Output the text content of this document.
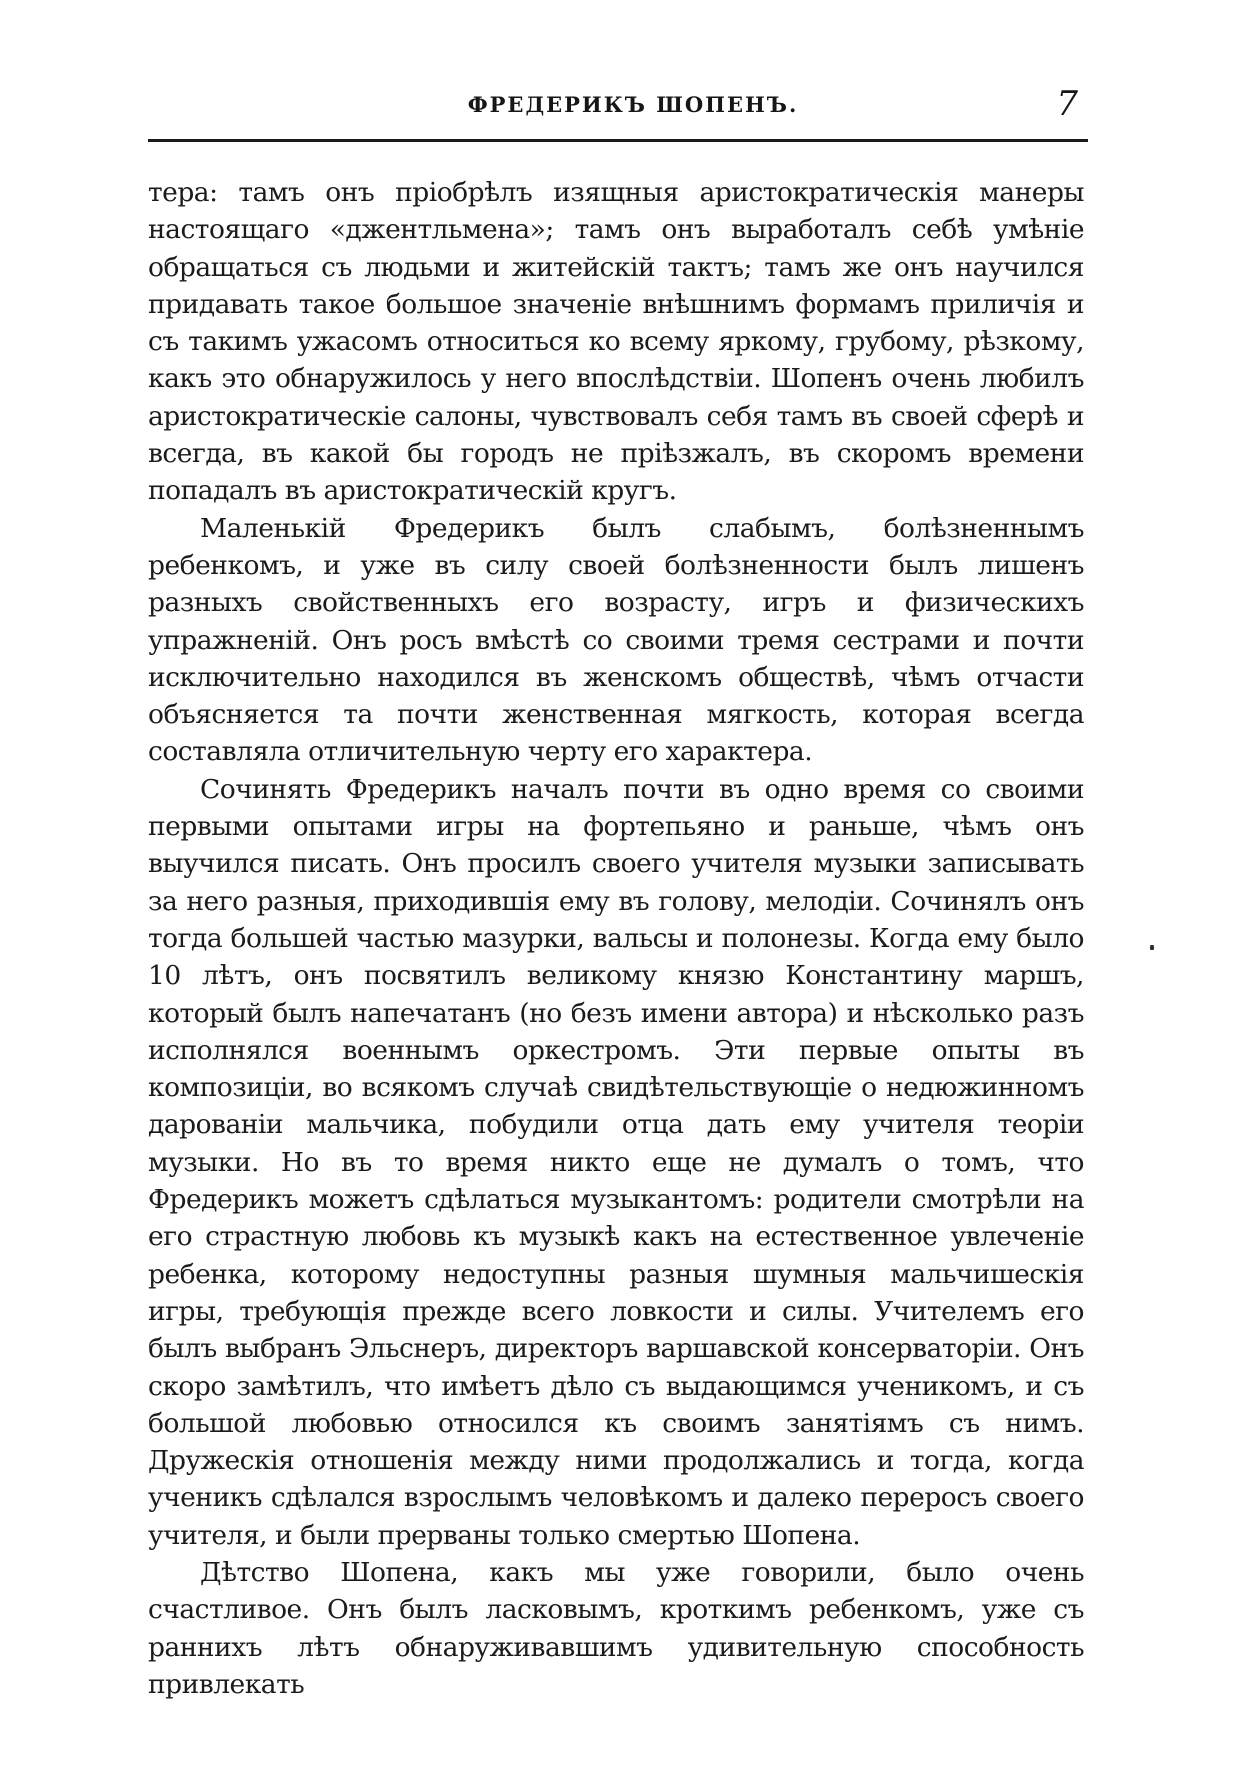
ФРЕДЕРИКЪ ШОПЕНЪ.	7

тера: тамъ онъ пріобрѣлъ изящныя аристократическія манеры настоящаго «джентльмена»; тамъ онъ выработалъ себѣ умѣніе обращаться съ людьми и житейскій тактъ; тамъ же онъ научился придавать такое большое значеніе внѣшнимъ формамъ приличія и съ такимъ ужасомъ относиться ко всему яркому, грубому, рѣзкому, какъ это обнаружилось у него впослѣдствіи. Шопенъ очень любилъ аристократическіе салоны, чувствовалъ себя тамъ въ своей сферѣ и всегда, въ какой бы городъ не пріѣзжалъ, въ скоромъ времени попадалъ въ аристократическій кругъ.

Маленькій Фредерикъ былъ слабымъ, болѣзненнымъ ребенкомъ, и уже въ силу своей болѣзненности былъ лишенъ разныхъ свойственныхъ его возрасту, игръ и физическихъ упражненій. Онъ росъ вмѣстѣ со своими тремя сестрами и почти исключительно находился въ женскомъ обществѣ, чѣмъ отчасти объясняется та почти женственная мягкость, которая всегда составляла отличительную черту его характера.

Сочинять Фредерикъ началъ почти въ одно время со своими первыми опытами игры на фортепьяно и раньше, чѣмъ онъ выучился писать. Онъ просилъ своего учителя музыки записывать за него разныя, приходившія ему въ голову, мелодіи. Сочинялъ онъ тогда большей частью мазурки, вальсы и полонезы. Когда ему было 10 лѣтъ, онъ посвятилъ великому князю Константину маршъ, который былъ напечатанъ (но безъ имени автора) и нѣсколько разъ исполнялся военнымъ оркестромъ. Эти первые опыты въ композиціи, во всякомъ случаѣ свидѣтельствующіе о недюжинномъ дарованіи мальчика, побудили отца дать ему учителя теоріи музыки. Но въ то время никто еще не думалъ о томъ, что Фредерикъ можетъ сдѣлаться музыкантомъ: родители смотрѣли на его страстную любовь къ музыкѣ какъ на естественное увлеченіе ребенка, которому недоступны разныя шумныя мальчишескія игры, требующія прежде всего ловкости и силы. Учителемъ его былъ выбранъ Эльснеръ, директоръ варшавской консерваторіи. Онъ скоро замѣтилъ, что имѣетъ дѣло съ выдающимся ученикомъ, и съ большой любовью относился къ своимъ занятіямъ съ нимъ. Дружескія отношенія между ними продолжались и тогда, когда ученикъ сдѣлался взрослымъ человѣкомъ и далеко переросъ своего учителя, и были прерваны только смертью Шопена.

Дѣтство Шопена, какъ мы уже говорили, было очень счастливое. Онъ былъ ласковымъ, кроткимъ ребенкомъ, уже съ раннихъ лѣтъ обнаруживавшимъ удивительную способность привлекать
